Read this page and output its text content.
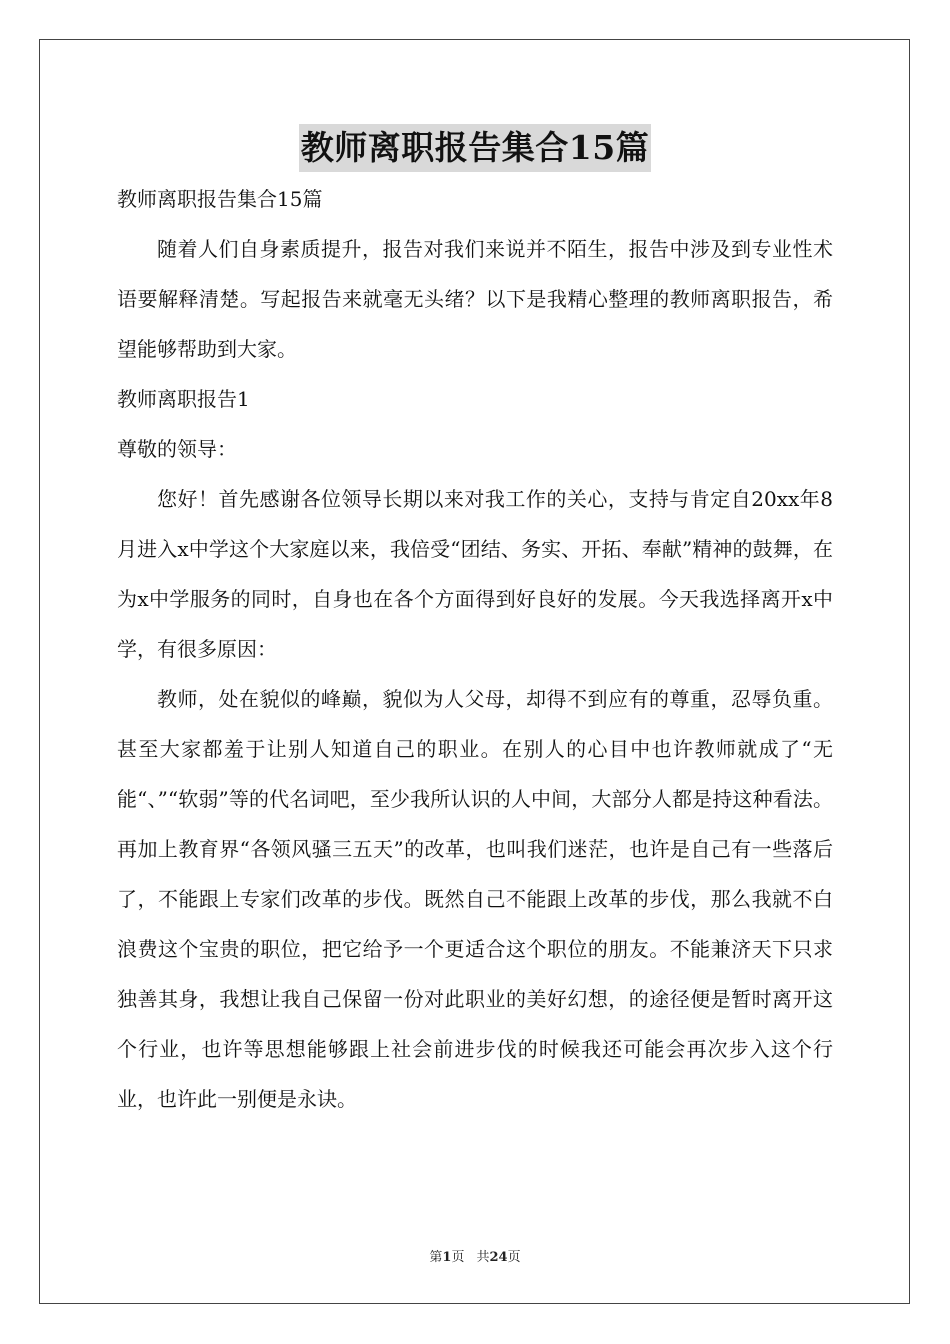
教师离职报告集合15篇

教师离职报告集合15篇

随着人们自身素质提升，报告对我们来说并不陌生，报告中涉及到专业性术语要解释清楚。写起报告来就毫无头绪？以下是我精心整理的教师离职报告，希望能够帮助到大家。

教师离职报告1

尊敬的领导：

您好！首先感谢各位领导长期以来对我工作的关心，支持与肯定自20xx年8月进入x中学这个大家庭以来，我倍受“团结、务实、开拓、奉献”精神的鼓舞，在为x中学服务的同时，自身也在各个方面得到好良好的发展。今天我选择离开x中学，有很多原因：

教师，处在貌似的峰巅，貌似为人父母，却得不到应有的尊重，忍辱负重。甚至大家都羞于让别人知道自己的职业。在别人的心目中也许教师就成了“无能“、”“软弱”等的代名词吧，至少我所认识的人中间，大部分人都是持这种看法。再加上教育界“各领风骚三五天”的改革，也叫我们迷茫，也许是自己有一些落后了，不能跟上专家们改革的步伐。既然自己不能跟上改革的步伐，那么我就不白浪费这个宝贵的职位，把它给予一个更适合这个职位的朋友。不能兼济天下只求独善其身，我想让我自己保留一份对此职业的美好幻想，的途径便是暂时离开这个行业，也许等思想能够跟上社会前进步伐的时候我还可能会再次步入这个行业，也许此一别便是永诀。

第1页 共24页
